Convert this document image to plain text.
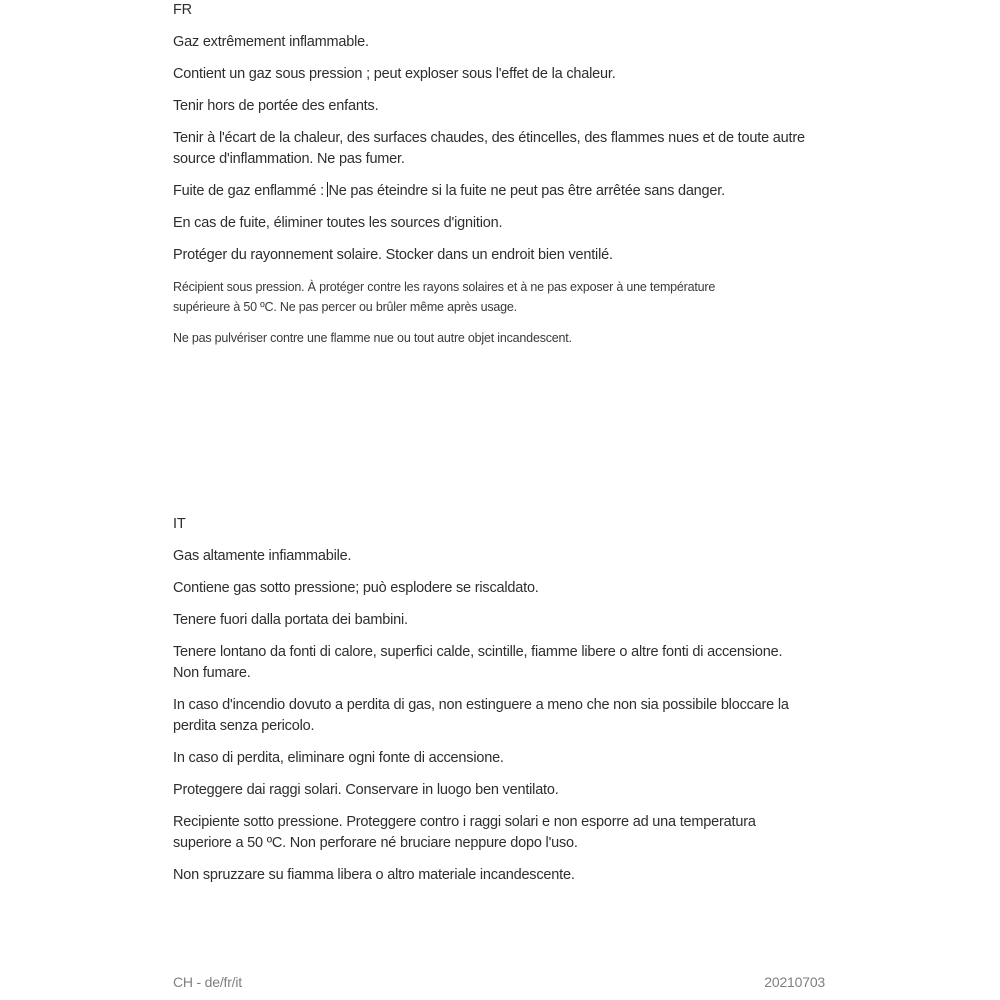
FR
Gaz extrêmement inflammable.
Contient un gaz sous pression ; peut exploser sous l'effet de la chaleur.
Tenir hors de portée des enfants.
Tenir à l'écart de la chaleur, des surfaces chaudes, des étincelles, des flammes nues et de toute autre
source d'inflammation. Ne pas fumer.
Fuite de gaz enflammé : Ne pas éteindre si la fuite ne peut pas être arrêtée sans danger.
En cas de fuite, éliminer toutes les sources d'ignition.
Protéger du rayonnement solaire. Stocker dans un endroit bien ventilé.
Récipient sous pression. À protéger contre les rayons solaires et à ne pas exposer à une température
supérieure à 50 ºC. Ne pas percer ou brûler même après usage.
Ne pas pulvériser contre une flamme nue ou tout autre objet incandescent.
IT
Gas altamente infiammabile.
Contiene gas sotto pressione; può esplodere se riscaldato.
Tenere fuori dalla portata dei bambini.
Tenere lontano da fonti di calore, superfici calde, scintille, fiamme libere o altre fonti di accensione.
Non fumare.
In caso d'incendio dovuto a perdita di gas, non estinguere a meno che non sia possibile bloccare la
perdita senza pericolo.
In caso di perdita, eliminare ogni fonte di accensione.
Proteggere dai raggi solari. Conservare in luogo ben ventilato.
Recipiente sotto pressione. Proteggere contro i raggi solari e non esporre ad una temperatura
superiore a 50 ºC. Non perforare né bruciare neppure dopo l'uso.
Non spruzzare su fiamma libera o altro materiale incandescente.
CH - de/fr/it	20210703
